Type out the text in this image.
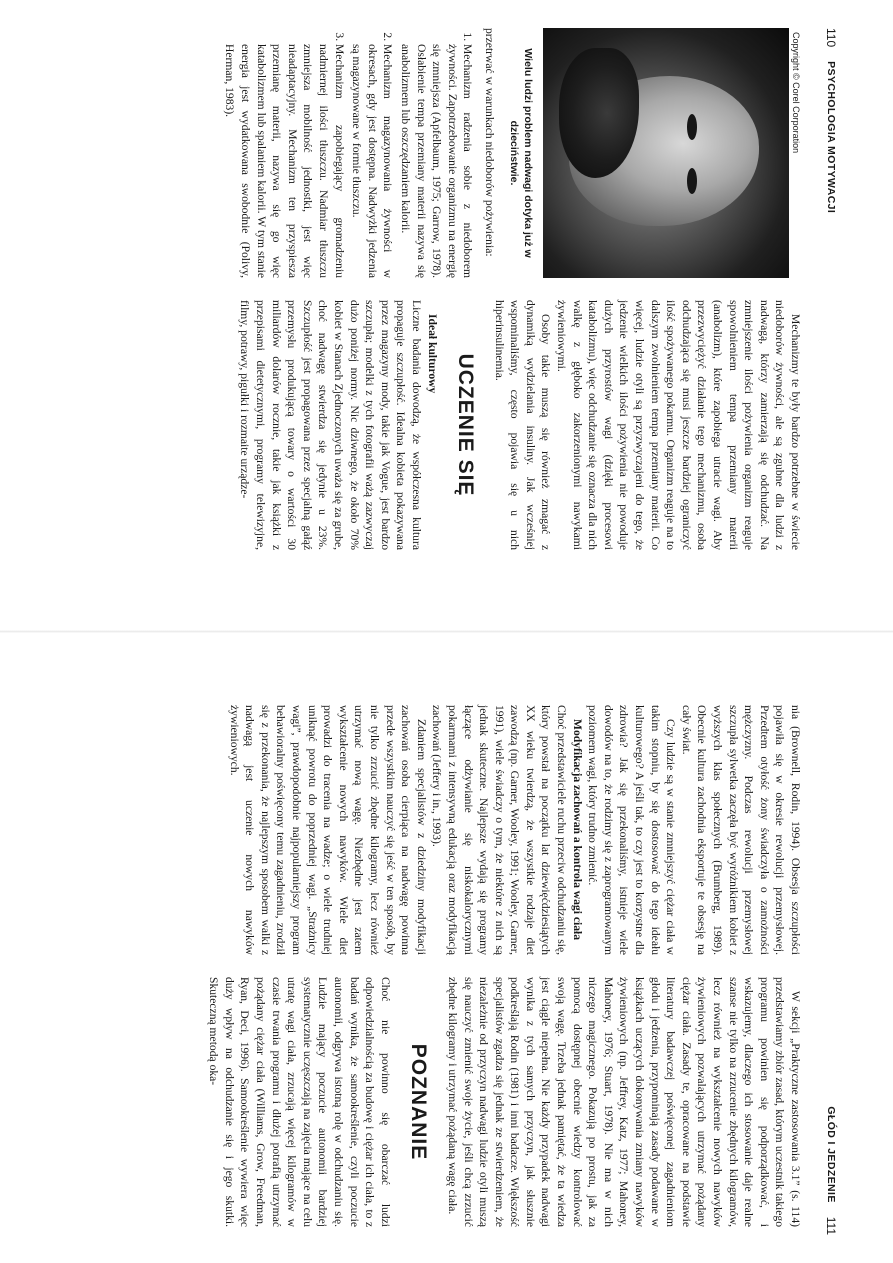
110
PSYCHOLOGIA MOTYWACJI
Copyright © Corel Corporation
Wielu ludzi problem nadwagi dotyka już w dzieciństwie.

przetrwać w warunkach niedoborów pożywienia:

1. Mechanizm radzenia sobie z niedoborem żywności. Zapotrzebowanie organizmu na energię się zmniejsza (Apfelbaum, 1975; Garrow, 1978). Osłabienie tempa przemiany materii nazywa się anabolizmem lub oszczędzaniem kalorii.
2. Mechanizm magazynowania żywności w okresach, gdy jest dostępna. Nadwyżki jedzenia są magazynowane w formie tłuszczu.
3. Mechanizm zapobiegający gromadzeniu nadmiernej ilości tłuszczu. Nadmiar tłuszczu zmniejsza mobilność jednostki, jest więc nieadaptacyjny. Mechanizm ten przyspiesza przemianę materii, nazywa się go więc katabolizmem lub spalaniem kalorii. W tym stanie energia jest wydatkowana swobodnie (Polivy, Herman, 1983).

Mechanizmy te były bardzo potrzebne w świecie niedoborów żywności, ale są zgubne dla ludzi z nadwagą, którzy zamierzają się odchudzać. Na zmniejszenie ilości pożywienia organizm reaguje spowolnieniem tempa przemiany materii (anabolizm), które zapobiega utracie wagi. Aby przezwyciężyć działanie tego mechanizmu, osoba odchudzająca się musi jeszcze bardziej ograniczyć ilość spożywanego pokarmu. Organizm reaguje na to dalszym zwolnieniem tempa przemiany materii. Co więcej, ludzie otyli są przyzwyczajeni do tego, że jedzenie wielkich ilości pożywienia nie powoduje dużych przyrostów wagi (dzięki procesowi katabolizmu), więc odchudzanie się oznacza dla nich walkę z głęboko zakorzenionymi nawykami żywieniowymi.

Osoby takie muszą się również zmagać z dynamiką wydzielania insuliny. Jak wcześniej wspominaliśmy, często pojawia się u nich hiperinsulinemia.

UCZENIE SIĘ

Ideał kulturowy

Liczne badania dowodzą, że współczesna kultura propaguje szczupłość. Idealna kobieta pokazywana przez magazyny mody, takie jak Vogue, jest bardzo szczupła; modelki z tych fotografii ważą zazwyczaj dużo poniżej normy. Nic dziwnego, że około 70% kobiet w Stanach Zjednoczonych uważa się za grube, choć nadwagę stwierdza się jedynie u 23%. Szczupłość jest propagowana przez specjalną gałąź przemysłu produkującą towary o wartości 30 miliardów dolarów rocznie, takie jak książki z przepisami dietetycznymi, programy telewizyjne, filmy, potrawy, pigułki i rozmaite urządze-

GŁÓD I JEDZENIE
111

nia (Brownell, Rodin, 1994). Obsesja szczupłości pojawiła się w okresie rewolucji przemysłowej. Przedtem otyłość żony świadczyła o zamożności mężczyzny. Podczas rewolucji przemysłowej szczupła sylwetka zaczęła być wyróżnikiem kobiet z wyższych klas społecznych (Brumberg, 1989). Obecnie kultura zachodnia eksportuje te obsesję na cały świat.

Czy ludzie są w stanie zmniejszyć ciężar ciała w takim stopniu, by się dostosować do tego ideału kulturowego? A jeśli tak, to czy jest to korzystne dla zdrowia? Jak się przekonaliśmy, istnieje wiele dowodów na to, że rodzimy się z zaprogramowanym poziomem wagi, który trudno zmienić.

Modyfikacja zachowań a kontrola wagi ciała

Choć przedstawiciele ruchu przeciw odchudzaniu się, który powstał na początku lat dziewięćdziesiątych XX wieku twierdzą, że wszystkie rodzaje diet zawodzą (np. Garner, Wooley, 1991; Wooley, Garner, 1991), wiele świadczy o tym, że niektóre z nich są jednak skuteczne. Najlepsze wydają się programy łączące odżywianie się niskokalorycznymi pokarmami z intensywną edukacją oraz modyfikacją zachowań (Jeffery i in., 1993).

Zdaniem specjalistów z dziedziny modyfikacji zachowań osoba cierpiąca na nadwagę powinna przede wszystkim nauczyć się jeść w ten sposób, by nie tylko zrzucić zbędne kilogramy, lecz również utrzymać nową wagę. Niezbędne jest zatem wykształcenie nowych nawyków. Wiele diet prowadzi do tracenia na wadze; o wiele trudniej uniknąć powrotu do poprzedniej wagi. „Strażnicy wagi”, prawdopodobnie najpopularniejszy program behawioralny poświęcony temu zagadnieniu, zrodził się z przekonania, że najlepszym sposobem walki z nadwagą jest uczenie nowych nawyków żywieniowych.

W sekcji „Praktyczne zastosowania 3.1” (s. 114) przedstawiamy zbiór zasad, którym uczestnik takiego programu powinien się podporządkować, i wskazujemy, dlaczego ich stosowanie daje realne szanse nie tylko na zrzucenie zbędnych kilogramów, lecz również na wykształcenie nowych nawyków żywieniowych pozwalających utrzymać pożądany ciężar ciała. Zasady te, opracowane na podstawie literatury badawczej poświęconej zagadnieniom głodu i jedzenia, przypominają zasady podawane w książkach uczących dokonywania zmiany nawyków żywieniowych (np. Jeffrey, Katz, 1977; Mahoney, Mahoney, 1976; Stuart, 1978). Nie ma w nich niczego magicznego. Pokazują po prostu, jak za pomocą dostępnej obecnie wiedzy kontrolować swoją wagę. Trzeba jednak pamiętać, że ta wiedza jest ciągle niepełna. Nie każdy przypadek nadwagi wynika z tych samych przyczyn, jak słusznie podkreślają Rodin (1981) i inni badacze. Większość specjalistów zgadza się jednak ze stwierdzeniem, że niezależnie od przyczyn nadwagi ludzie otyli muszą się nauczyć zmienić swoje życie, jeśli chcą zrzucić zbędne kilogramy i utrzymać pożądaną wagę ciała.

POZNANIE

Choć nie powinno się obarczać ludzi odpowiedzialnością za budowę i ciężar ich ciała, to z badań wynika, że samookreślenie, czyli poczucie autonomii, odgrywa istotną rolę w odchudzaniu się. Ludzie mający poczucie autonomii bardziej systematycznie uczęszczają na zajęcia mające na celu utratę wagi ciała, zrzucają więcej kilogramów w czasie trwania programu i dłużej potrafią utrzymać pożądany ciężar ciała (Williams, Grow, Freedman, Ryan, Deci, 1996). Samookreślenie wywiera więc duży wpływ na odchudzanie się i jego skutki. Skuteczną metodą oka-
